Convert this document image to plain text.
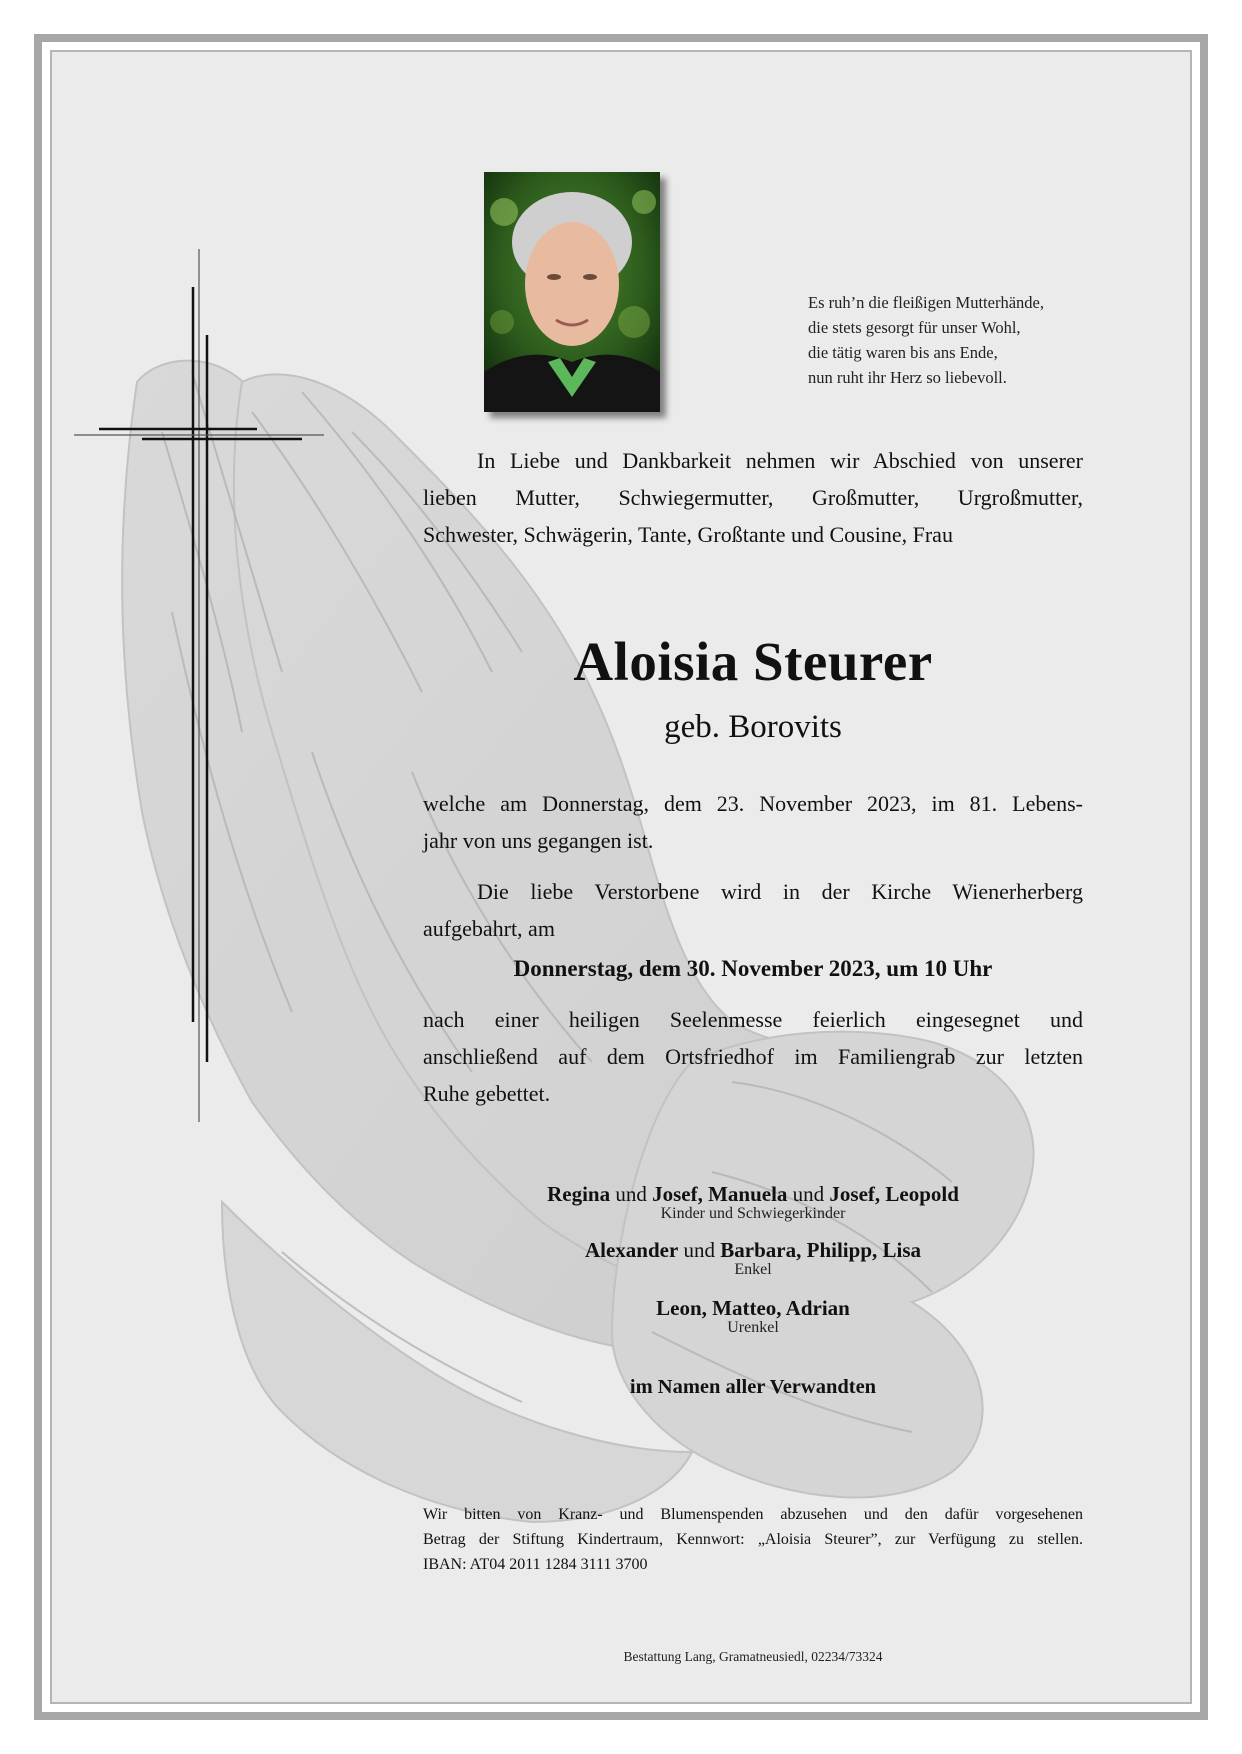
Es ruh’n die fleißigen Mutterhände,
die stets gesorgt für unser Wohl,
die tätig waren bis ans Ende,
nun ruht ihr Herz so liebevoll.

In Liebe und Dankbarkeit nehmen wir Abschied von unserer

lieben Mutter, Schwiegermutter, Großmutter, Urgroßmutter,

Schwester, Schwägerin, Tante, Großtante und Cousine, Frau

Aloisia Steurer
geb. Borovits

welche am Donnerstag, dem 23. November 2023, im 81. Lebens-

jahr von uns gegangen ist.

Die liebe Verstorbene wird in der Kirche Wienerherberg

aufgebahrt, am

Donnerstag, dem 30. November 2023, um 10 Uhr

nach einer heiligen Seelenmesse feierlich eingesegnet und

anschließend auf dem Ortsfriedhof im Familiengrab zur letzten

Ruhe gebettet.

Regina und Josef, Manuela und Josef, Leopold
Kinder und Schwiegerkinder
Alexander und Barbara, Philipp, Lisa
Enkel
Leon, Matteo, Adrian
Urenkel
im Namen aller Verwandten

Wir bitten von Kranz- und Blumenspenden abzusehen und den dafür vorgesehenen

Betrag der Stiftung Kindertraum, Kennwort: „Aloisia Steurer”, zur Verfügung zu stellen.

IBAN: AT04 2011 1284 3111 3700

Bestattung Lang, Gramatneusiedl, 02234/73324
